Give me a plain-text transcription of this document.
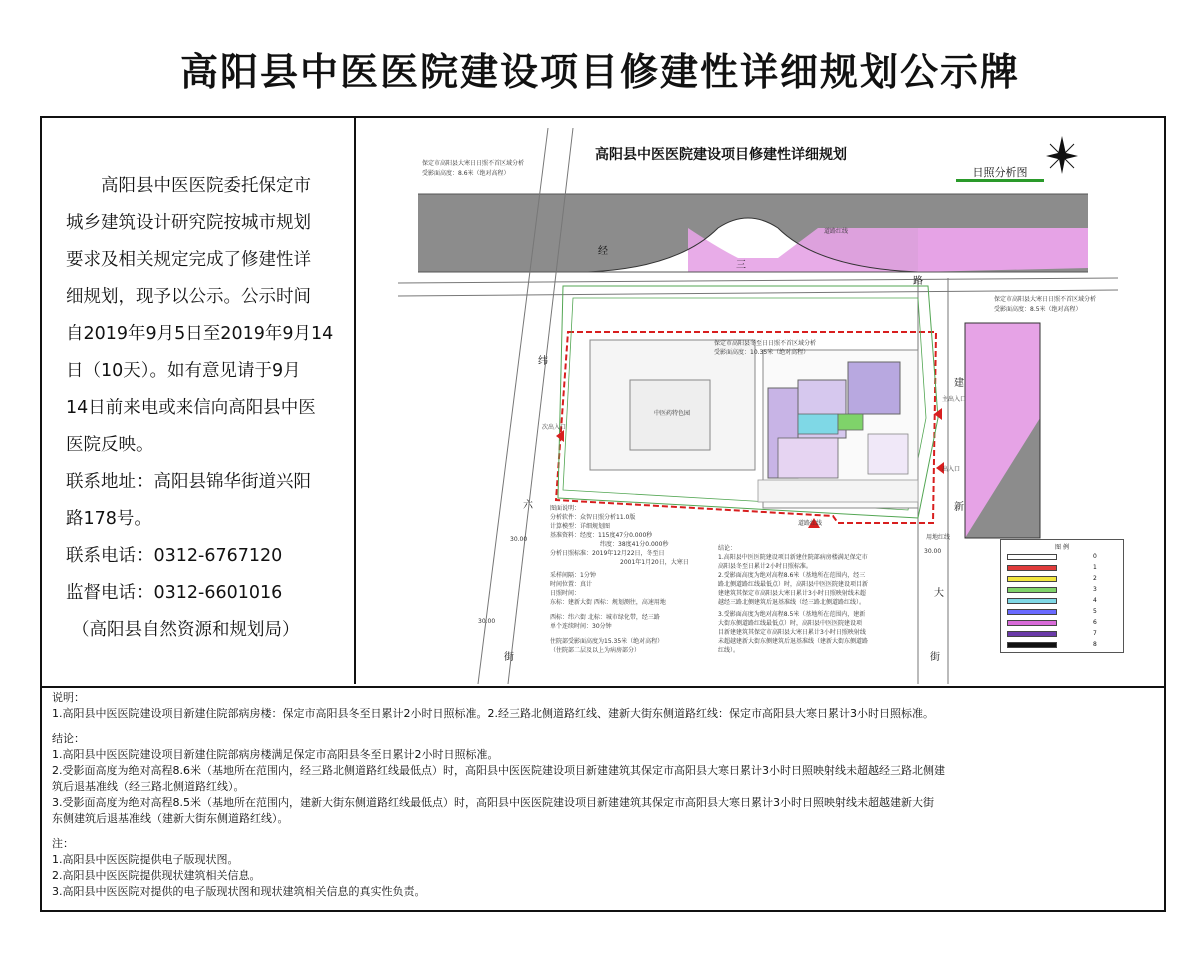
高阳县中医医院建设项目修建性详细规划公示牌
高阳县中医医院委托保定市
城乡建筑设计研究院按城市规划
要求及相关规定完成了修建性详
细规划，现予以公示。公示时间
自2019年9月5日至2019年9月14
日（10天）。如有意见请于9月
14日前来电或来信向高阳县中医
医院反映。
联系地址：高阳县锦华街道兴阳
路178号。
联系电话：0312-6767120
监督电话：0312-6601016
（高阳县自然资源和规划局）
高阳县中医医院建设项目修建性详细规划
日照分析图
保定市高阳县大寒日日照不首区域分析
受影面高度：8.6米（绝对高程）
保定市高阳县大寒日日照不首区域分析
受影面高度：8.5米（绝对高程）
保定市高阳县冬至日日照不首区域分析
受影面高度：10.35米（绝对高程）
道路红线
经
三
路
纬
六
街
建
新
大
街
次出入口
主出入口
出入口
中医药特色园
道路红线
用地红线
30.00
30.00
30.00
图面说明：
分析软件：众智日照分析11.0版
计算模型：详细规划图
基准资料：经度：115度47分0.000秒
纬度：38度41分0.000秒
分析日照标准：2019年12月22日，冬至日
2001年1月20日，大寒日
采样间隔：1分钟
时间位置：真计
日照时间：
东标：建新大街 西标：规划测往，高速用地
西标：纬六街 北标：城市绿化带，经三路
单个连续时间：30分钟
住院部受影面高度为15.35米（绝对高程）
（住院部二层及以上为病房部分）
结论：
1.高阳县中医医院建设项目新建住院部病房楼满足保定市
高阳县冬至日累计2小时日照标准。
2.受影面高度为绝对高程8.6米（基地所在范围内，经三
路北侧道路红线最低点）时，高阳县中医医院建设项目新
建建筑其保定市高阳县大寒日累计3小时日照映射线未超
越经三路北侧建筑后退基准线（经三路北侧道路红线）。
3.受影面高度为绝对高程8.5米（基地所在范围内，建新
大街东侧道路红线最低点）时，高阳县中医医院建设项
目新建建筑其保定市高阳县大寒日累计3小时日照映射线
未超越建新大街东侧建筑后退基准线（建新大街东侧道路
红线）。
图 例
0
1
2
3
4
5
6
7
8
说明：
1.高阳县中医医院建设项目新建住院部病房楼：保定市高阳县冬至日累计2小时日照标准。2.经三路北侧道路红线、建新大街东侧道路红线：保定市高阳县大寒日累计3小时日照标准。
结论：
1.高阳县中医医院建设项目新建住院部病房楼满足保定市高阳县冬至日累计2小时日照标准。
2.受影面高度为绝对高程8.6米（基地所在范围内，经三路北侧道路红线最低点）时，高阳县中医医院建设项目新建建筑其保定市高阳县大寒日累计3小时日照映射线未超越经三路北侧建
筑后退基准线（经三路北侧道路红线）。
3.受影面高度为绝对高程8.5米（基地所在范围内，建新大街东侧道路红线最低点）时，高阳县中医医院建设项目新建建筑其保定市高阳县大寒日累计3小时日照映射线未超越建新大街
东侧建筑后退基准线（建新大街东侧道路红线）。
注：
1.高阳县中医医院提供电子版现状图。
2.高阳县中医医院提供现状建筑相关信息。
3.高阳县中医医院对提供的电子版现状图和现状建筑相关信息的真实性负责。
